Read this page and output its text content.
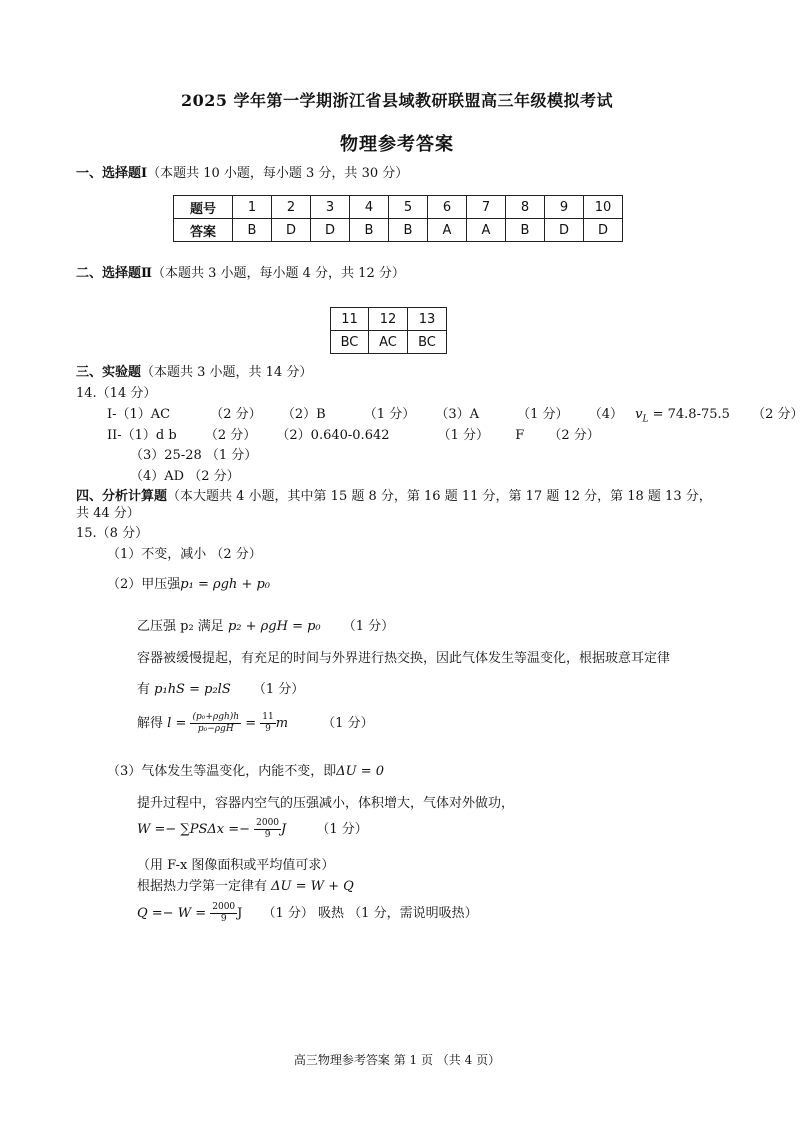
2025 学年第一学期浙江省县域教研联盟高三年级模拟考试
物理参考答案
一、选择题Ⅰ（本题共 10 小题，每小题 3 分，共 30 分）
题号	1	2	3	4	5	6	7	8	9	10
答案	B	D	D	B	B	A	A	B	D	D
二、选择题Ⅱ（本题共 3 小题，每小题 4 分，共 12 分）
11	12	13
BC	AC	BC
三、实验题（本题共 3 小题，共 14 分）
14.（14 分）
I-（1）AC	（2 分） （2）B	（1 分） （3）A	（1 分） （4） $v_L = 74.8-75.5$ （2 分）
II-（1）d b （2 分） （2）0.640-0.642	（1 分） F （2 分）
（3）25-28 （1 分）
（4）AD （2 分）
四、分析计算题（本大题共 4 小题，其中第 15 题 8 分，第 16 题 11 分，第 17 题 12 分，第 18 题 13 分，
共 44 分）
15.（8 分）
（1）不变，减小 （2 分）
（2）甲压强p₁ = ρgh + p₀
乙压强 p₂ 满足 p₂ + ρgH = p₀ （1 分）
容器被缓慢提起，有充足的时间与外界进行热交换，因此气体发生等温变化，根据玻意耳定律
有 p₁hS = p₂lS （1 分）
解得 $l = \frac{\text{(p₀+ρgh)h}}{\text{p₀−ρgH}} = \frac{11}{9}$ m	（1 分）
（3）气体发生等温变化，内能不变，即ΔU = 0
提升过程中，容器内空气的压强减小，体积增大，气体对外做功，
$W =- \sum PS\Delta x =- \frac{2000}{9}$ J （1 分）
（用 F-x 图像面积或平均值可求）
根据热力学第一定律有 ΔU = W + Q
$Q =- W = \frac{2000}{9}$ J （1 分） 吸热 （1 分，需说明吸热）
高三物理参考答案 第 1 页 （共 4 页）
